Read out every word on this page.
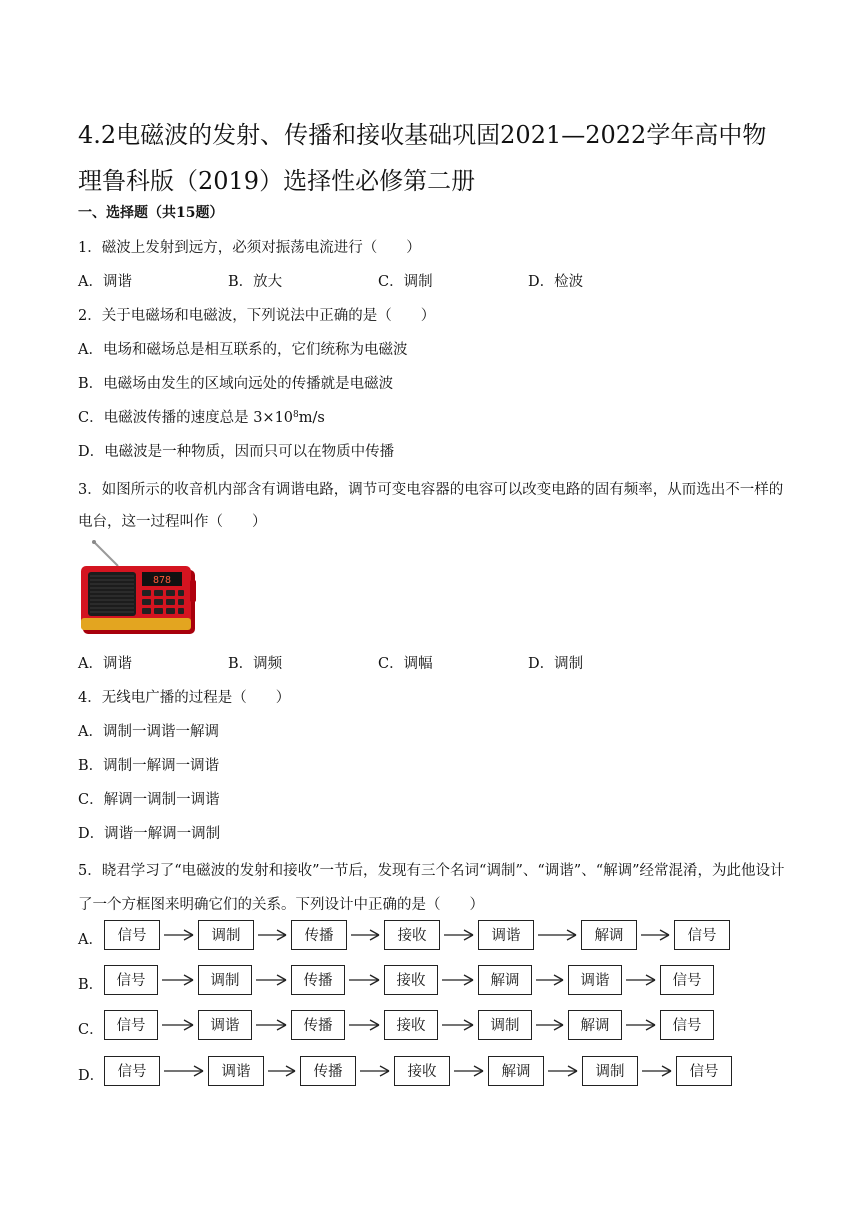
4.2电磁波的发射、传播和接收基础巩固2021—2022学年高中物理鲁科版（2019）选择性必修第二册
一、选择题（共15题）
1．磁波上发射到远方，必须对振荡电流进行（　　）
A．调谐	B．放大	C．调制	D．检波
2．关于电磁场和电磁波，下列说法中正确的是（　　）
A．电场和磁场总是相互联系的，它们统称为电磁波
B．电磁场由发生的区域向远处的传播就是电磁波
C．电磁波传播的速度总是 $3\times 10^8m/s$
D．电磁波是一种物质，因而只可以在物质中传播
3．如图所示的收音机内部含有调谐电路，调节可变电容器的电容可以改变电路的固有频率，从而选出不一样的电台，这一过程叫作（　　）
878
A．调谐	B．调频	C．调幅	D．调制
4．无线电广播的过程是（　　）
A．调制一调谐一解调
B．调制一解调一调谐
C．解调一调制一调谐
D．调谐一解调一调制
5．晓君学习了“电磁波的发射和接收”一节后，发现有三个名词“调制”、“调谐”、“解调”经常混淆，为此他设计了一个方框图来明确它们的关系。下列设计中正确的是（　　）
A．	信号	调制	传播	接收	调谐	解调	信号
B． 信号	调制	传播	接收	解调	调谐	信号
C． 信号	调谐	传播	接收	调制	解调	信号
D． 信号	调谐	传播	接收	解调	调制	信号
